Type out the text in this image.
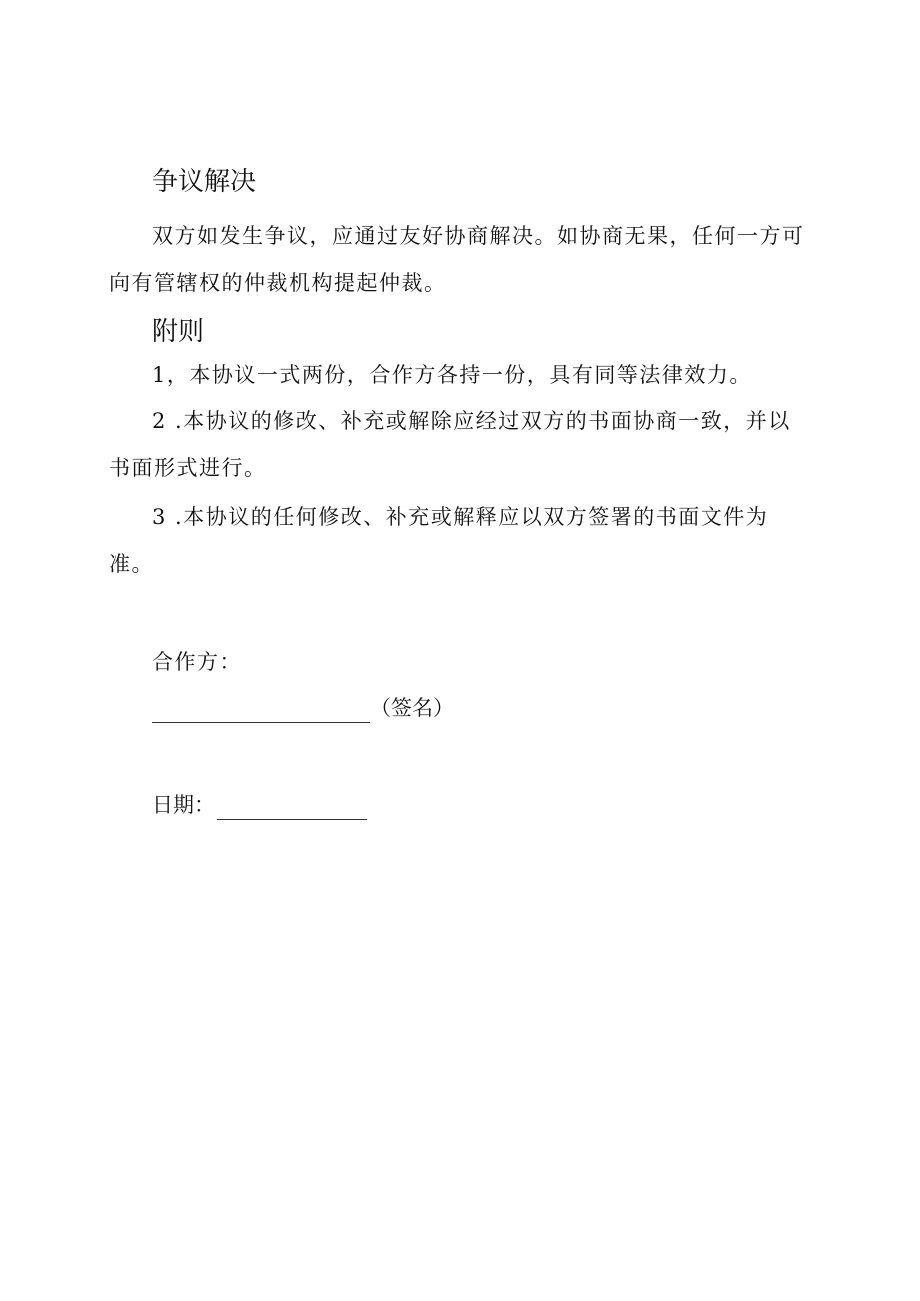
争议解决

双方如发生争议，应通过友好协商解决。如协商无果，任何一方可向有管辖权的仲裁机构提起仲裁。

附则

1，本协议一式两份，合作方各持一份，具有同等法律效力。

2 .本协议的修改、补充或解除应经过双方的书面协商一致，并以书面形式进行。

3 .本协议的任何修改、补充或解释应以双方签署的书面文件为准。

合作方：
（签名）
日期：
